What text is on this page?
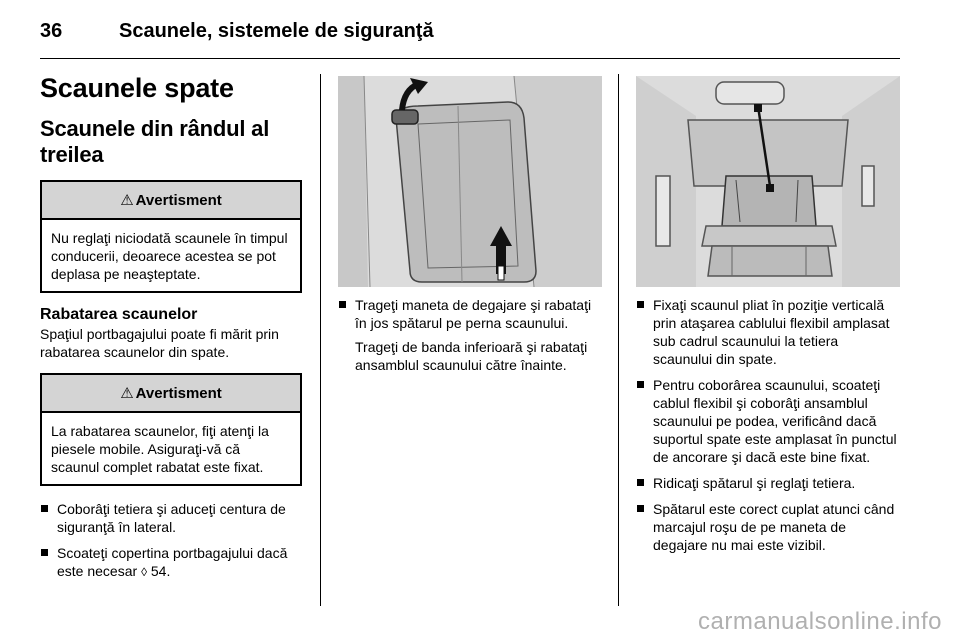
36	Scaunele, sistemele de siguranţă
Scaunele spate
Scaunele din rândul al treilea
⚠ Avertisment
Nu reglaţi niciodată scaunele în timpul conducerii, deoarece acestea se pot deplasa pe neaşteptate.
Rabatarea scaunelor

Spaţiul portbagajului poate fi mărit prin rabatarea scaunelor din spate.

⚠ Avertisment
La rabatarea scaunelor, fiţi atenţi la piesele mobile. Asiguraţi-vă că scaunul complet rabatat este fixat.
Coborâţi tetiera şi aduceţi centura de siguranţă în lateral.
Scoateţi copertina portbagajului dacă este necesar ◊ 54.
Trageţi maneta de degajare şi rabataţi în jos spătarul pe perna scaunului.

Trageţi de banda inferioară şi rabataţi ansamblul scaunului către înainte.

Fixaţi scaunul pliat în poziţie verticală prin ataşarea cablului flexibil amplasat sub cadrul scaunului la tetiera scaunului din spate.
Pentru coborârea scaunului, scoateţi cablul flexibil şi coborâţi ansamblul scaunului pe podea, verificând dacă suportul spate este amplasat în punctul de ancorare şi dacă este bine fixat.
Ridicaţi spătarul şi reglaţi tetiera.
Spătarul este corect cuplat atunci când marcajul roşu de pe maneta de degajare nu mai este vizibil.
carmanualsonline.info
